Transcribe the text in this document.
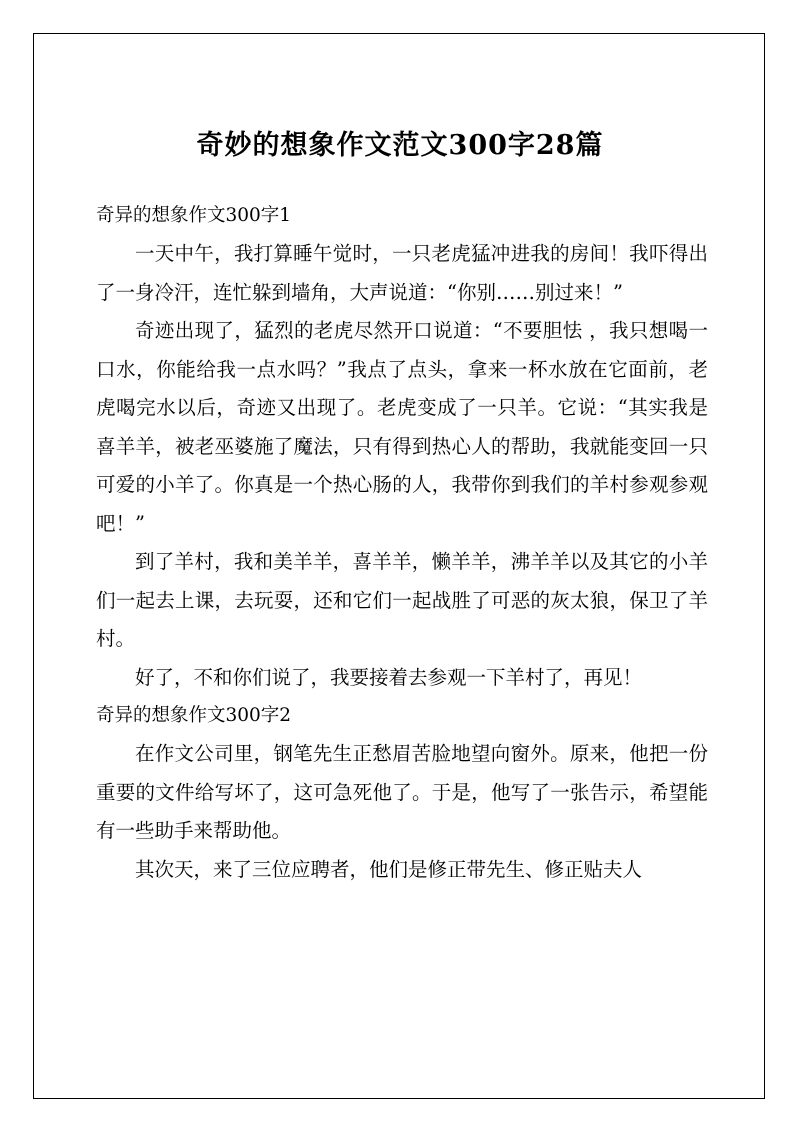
奇妙的想象作文范文300字28篇

奇异的想象作文300字1

一天中午，我打算睡午觉时，一只老虎猛冲进我的房间！我吓得出了一身冷汗，连忙躲到墙角，大声说道：“你别……别过来！”

奇迹出现了，猛烈的老虎尽然开口说道：“不要胆怯 ，我只想喝一口水，你能给我一点水吗？”我点了点头，拿来一杯水放在它面前，老虎喝完水以后，奇迹又出现了。老虎变成了一只羊。它说：“其实我是喜羊羊，被老巫婆施了魔法，只有得到热心人的帮助，我就能变回一只可爱的小羊了。你真是一个热心肠的人，我带你到我们的羊村参观参观吧！”

到了羊村，我和美羊羊，喜羊羊，懒羊羊，沸羊羊以及其它的小羊们一起去上课，去玩耍，还和它们一起战胜了可恶的灰太狼，保卫了羊村。

好了，不和你们说了，我要接着去参观一下羊村了，再见！

奇异的想象作文300字2

在作文公司里，钢笔先生正愁眉苦脸地望向窗外。原来，他把一份重要的文件给写坏了，这可急死他了。于是，他写了一张告示，希望能有一些助手来帮助他。

其次天，来了三位应聘者，他们是修正带先生、修正贴夫人
